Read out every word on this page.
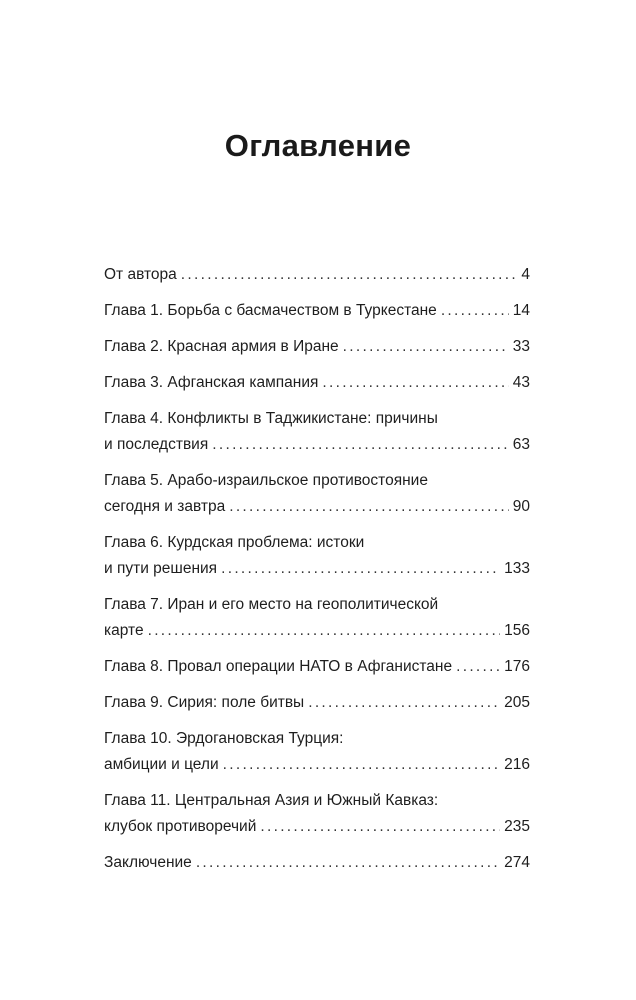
Оглавление
От автора . . .	4
Глава 1. Борьба с басмачеством в Туркестане . . .	14
Глава 2. Красная армия в Иране . . .	33
Глава 3. Афганская кампания . . .	43
Глава 4. Конфликты в Таджикистане: причины
и последствия . . .	63
Глава 5. Арабо-израильское противостояние
сегодня и завтра . . .	90
Глава 6. Курдская проблема: истоки
и пути решения . . .	133
Глава 7. Иран и его место на геополитической
карте . . .	156
Глава 8. Провал операции НАТО в Афганистане . . .	176
Глава 9. Сирия: поле битвы . . .	205
Глава 10. Эрдогановская Турция:
амбиции и цели . . .	216
Глава 11. Центральная Азия и Южный Кавказ:
клубок противоречий . . .	235
Заключение . . .	274
